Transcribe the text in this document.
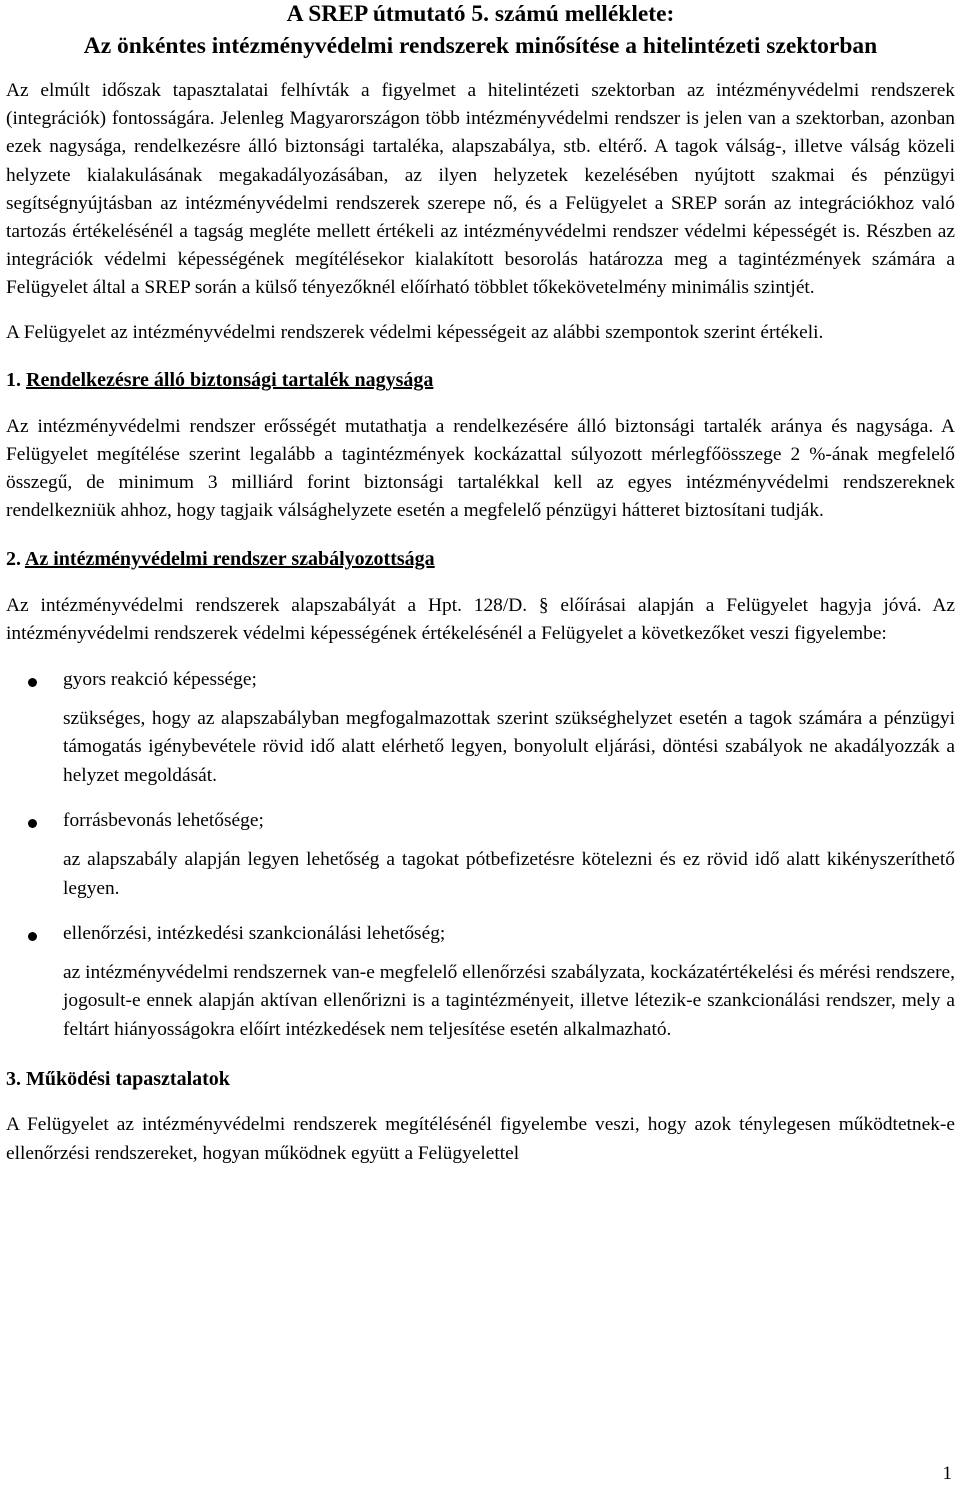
A SREP útmutató 5. számú melléklete:
Az önkéntes intézményvédelmi rendszerek minősítése a hitelintézeti szektorban

Az elmúlt időszak tapasztalatai felhívták a figyelmet a hitelintézeti szektorban az intézményvédelmi rendszerek (integrációk) fontosságára. Jelenleg Magyarországon több intézményvédelmi rendszer is jelen van a szektorban, azonban ezek nagysága, rendelkezésre álló biztonsági tartaléka, alapszabálya, stb. eltérő. A tagok válság-, illetve válság közeli helyzete kialakulásának megakadályozásában, az ilyen helyzetek kezelésében nyújtott szakmai és pénzügyi segítségnyújtásban az intézményvédelmi rendszerek szerepe nő, és a Felügyelet a SREP során az integrációkhoz való tartozás értékelésénél a tagság megléte mellett értékeli az intézményvédelmi rendszer védelmi képességét is. Részben az integrációk védelmi képességének megítélésekor kialakított besorolás határozza meg a tagintézmények számára a Felügyelet által a SREP során a külső tényezőknél előírható többlet tőkekövetelmény minimális szintjét.

A Felügyelet az intézményvédelmi rendszerek védelmi képességeit az alábbi szempontok szerint értékeli.

1. Rendelkezésre álló biztonsági tartalék nagysága

Az intézményvédelmi rendszer erősségét mutathatja a rendelkezésére álló biztonsági tartalék aránya és nagysága. A Felügyelet megítélése szerint legalább a tagintézmények kockázattal súlyozott mérlegfőösszege 2 %-ának megfelelő összegű, de minimum 3 milliárd forint biztonsági tartalékkal kell az egyes intézményvédelmi rendszereknek rendelkezniük ahhoz, hogy tagjaik válsághelyzete esetén a megfelelő pénzügyi hátteret biztosítani tudják.

2. Az intézményvédelmi rendszer szabályozottsága

Az intézményvédelmi rendszerek alapszabályát a Hpt. 128/D. § előírásai alapján a Felügyelet hagyja jóvá. Az intézményvédelmi rendszerek védelmi képességének értékelésénél a Felügyelet a következőket veszi figyelembe:

gyors reakció képessége;

szükséges, hogy az alapszabályban megfogalmazottak szerint szükséghelyzet esetén a tagok számára a pénzügyi támogatás igénybevétele rövid idő alatt elérhető legyen, bonyolult eljárási, döntési szabályok ne akadályozzák a helyzet megoldását.

forrásbevonás lehetősége;

az alapszabály alapján legyen lehetőség a tagokat pótbefizetésre kötelezni és ez rövid idő alatt kikényszeríthető legyen.

ellenőrzési, intézkedési szankcionálási lehetőség;

az intézményvédelmi rendszernek van-e megfelelő ellenőrzési szabályzata, kockázatértékelési és mérési rendszere, jogosult-e ennek alapján aktívan ellenőrizni is a tagintézményeit, illetve létezik-e szankcionálási rendszer, mely a feltárt hiányosságokra előírt intézkedések nem teljesítése esetén alkalmazható.

3. Működési tapasztalatok

A Felügyelet az intézményvédelmi rendszerek megítélésénél figyelembe veszi, hogy azok ténylegesen működtetnek-e ellenőrzési rendszereket, hogyan működnek együtt a Felügyelettel

1
